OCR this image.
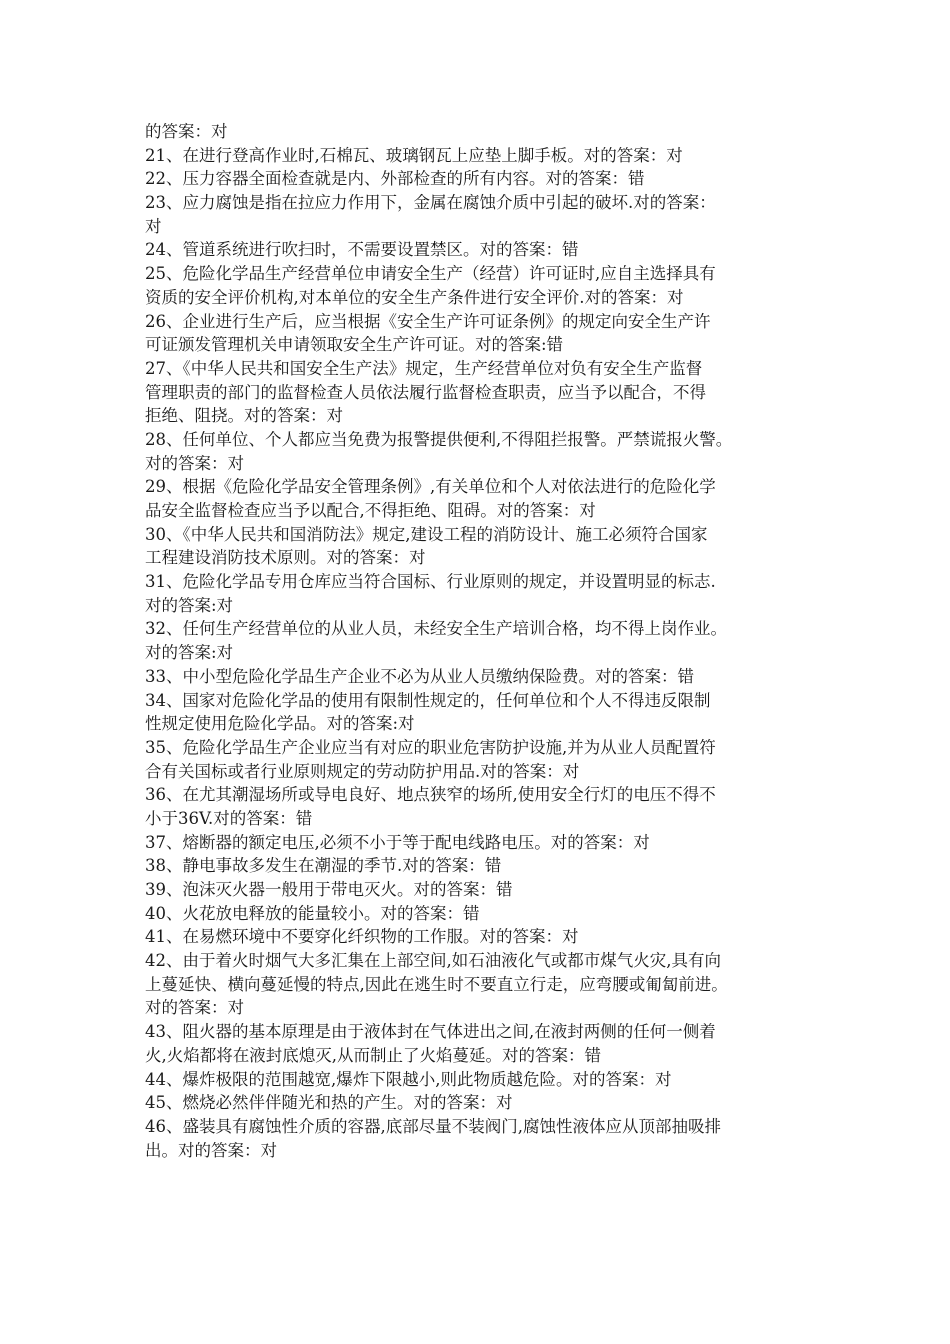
的答案：对
21、在进行登高作业时,石棉瓦、玻璃钢瓦上应垫上脚手板。对的答案：对
22、压力容器全面检查就是内、外部检查的所有内容。对的答案：错
23、应力腐蚀是指在拉应力作用下，金属在腐蚀介质中引起的破坏.对的答案：
对
24、管道系统进行吹扫时，不需要设置禁区。对的答案：错
25、危险化学品生产经营单位申请安全生产（经营）许可证时,应自主选择具有
资质的安全评价机构,对本单位的安全生产条件进行安全评价.对的答案：对
26、企业进行生产后，应当根据《安全生产许可证条例》的规定向安全生产许
可证颁发管理机关申请领取安全生产许可证。对的答案:错
27、《中华人民共和国安全生产法》规定，生产经营单位对负有安全生产监督
管理职责的部门的监督检查人员依法履行监督检查职责，应当予以配合，不得
拒绝、阻挠。对的答案：对
28、任何单位、个人都应当免费为报警提供便利,不得阻拦报警。严禁谎报火警。
对的答案：对
29、根据《危险化学品安全管理条例》,有关单位和个人对依法进行的危险化学
品安全监督检查应当予以配合,不得拒绝、阻碍。对的答案：对
30、《中华人民共和国消防法》规定,建设工程的消防设计、施工必须符合国家
工程建设消防技术原则。对的答案：对
31、危险化学品专用仓库应当符合国标、行业原则的规定，并设置明显的标志.
对的答案:对
32、任何生产经营单位的从业人员，未经安全生产培训合格，均不得上岗作业。
对的答案:对
33、中小型危险化学品生产企业不必为从业人员缴纳保险费。对的答案：错
34、国家对危险化学品的使用有限制性规定的，任何单位和个人不得违反限制
性规定使用危险化学品。对的答案:对
35、危险化学品生产企业应当有对应的职业危害防护设施,并为从业人员配置符
合有关国标或者行业原则规定的劳动防护用品.对的答案：对
36、在尤其潮湿场所或导电良好、地点狭窄的场所,使用安全行灯的电压不得不
小于36V.对的答案：错
37、熔断器的额定电压,必须不小于等于配电线路电压。对的答案：对
38、静电事故多发生在潮湿的季节.对的答案：错
39、泡沫灭火器一般用于带电灭火。对的答案：错
40、火花放电释放的能量较小。对的答案：错
41、在易燃环境中不要穿化纤织物的工作服。对的答案：对
42、由于着火时烟气大多汇集在上部空间,如石油液化气或都市煤气火灾,具有向
上蔓延快、横向蔓延慢的特点,因此在逃生时不要直立行走，应弯腰或匍匐前进。
对的答案：对
43、阻火器的基本原理是由于液体封在气体进出之间,在液封两侧的任何一侧着
火,火焰都将在液封底熄灭,从而制止了火焰蔓延。对的答案：错
44、爆炸极限的范围越宽,爆炸下限越小,则此物质越危险。对的答案：对
45、燃烧必然伴伴随光和热的产生。对的答案：对
46、盛装具有腐蚀性介质的容器,底部尽量不装阀门,腐蚀性液体应从顶部抽吸排
出。对的答案：对
